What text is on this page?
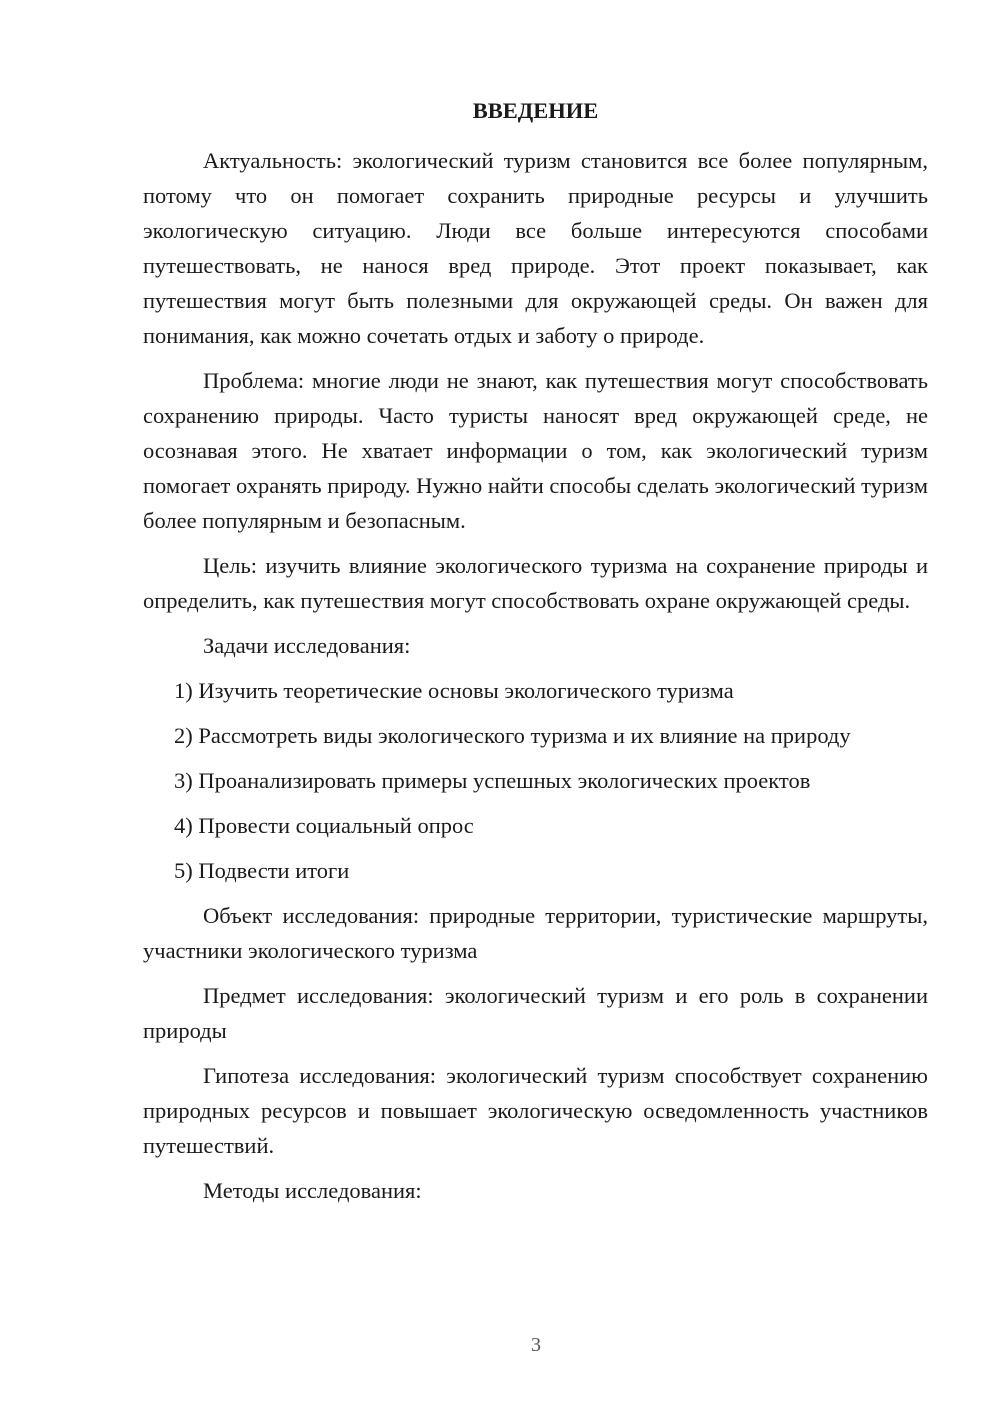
ВВЕДЕНИЕ

Актуальность: экологический туризм становится все более популярным, потому что он помогает сохранить природные ресурсы и улучшить экологическую ситуацию. Люди все больше интересуются способами путешествовать, не нанося вред природе. Этот проект показывает, как путешествия могут быть полезными для окружающей среды. Он важен для понимания, как можно сочетать отдых и заботу о природе.

Проблема: многие люди не знают, как путешествия могут способствовать сохранению природы. Часто туристы наносят вред окружающей среде, не осознавая этого. Не хватает информации о том, как экологический туризм помогает охранять природу. Нужно найти способы сделать экологический туризм более популярным и безопасным.

Цель: изучить влияние экологического туризма на сохранение природы и определить, как путешествия могут способствовать охране окружающей среды.

Задачи исследования:

1) Изучить теоретические основы экологического туризма
2) Рассмотреть виды экологического туризма и их влияние на природу
3) Проанализировать примеры успешных экологических проектов
4) Провести социальный опрос
5) Подвести итоги

Объект исследования: природные территории, туристические маршруты, участники экологического туризма

Предмет исследования: экологический туризм и его роль в сохранении природы

Гипотеза исследования: экологический туризм способствует сохранению природных ресурсов и повышает экологическую осведомленность участников путешествий.

Методы исследования:

3
